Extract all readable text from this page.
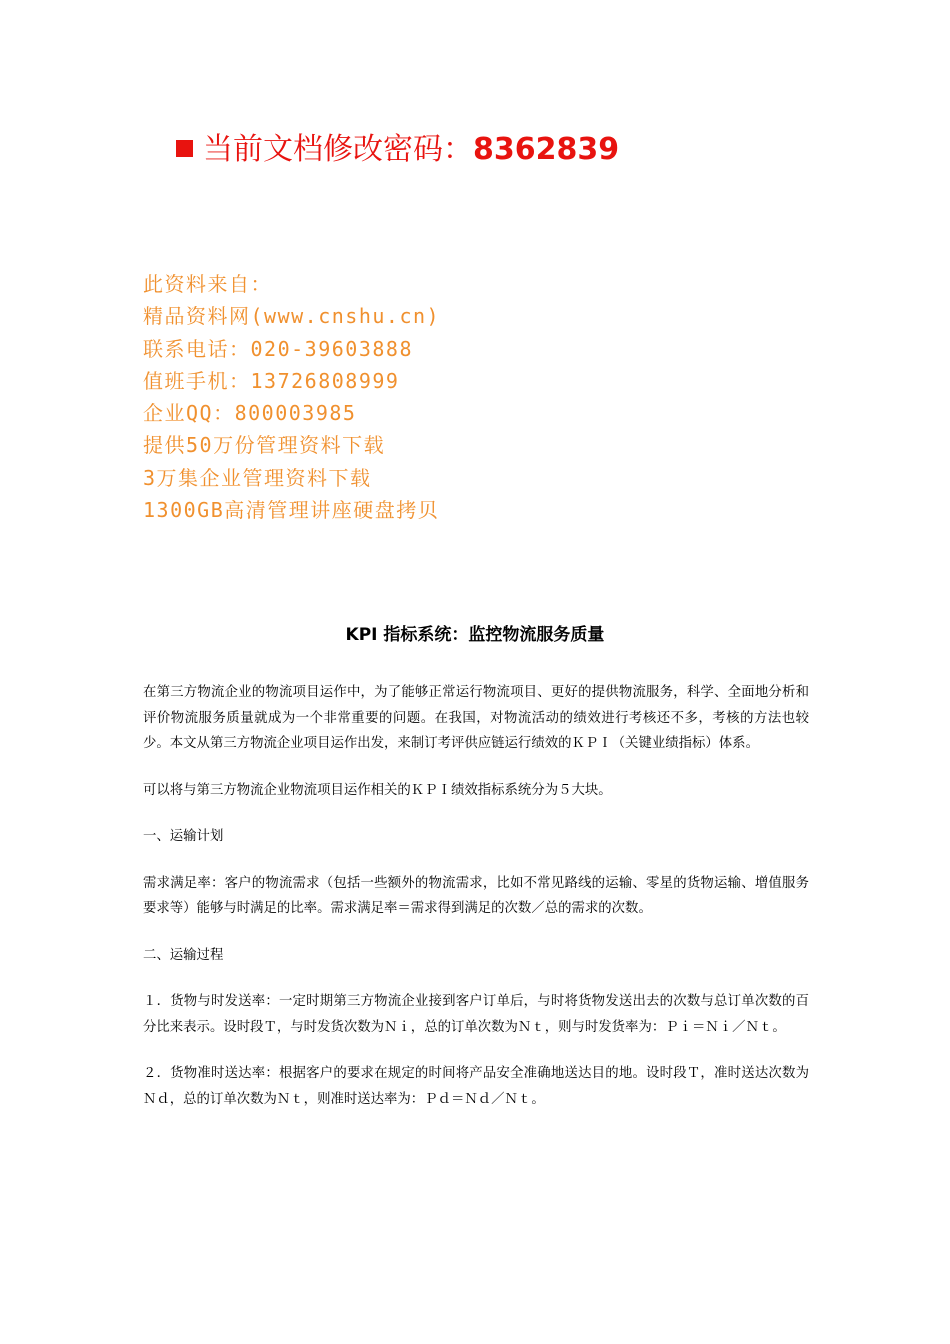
当前文档修改密码：8362839
此资料来自：
精品资料网(www.cnshu.cn)
联系电话：020-39603888
值班手机：13726808999
企业QQ：800003985
提供50万份管理资料下载
3万集企业管理资料下载
1300GB高清管理讲座硬盘拷贝
KPI 指标系统：监控物流服务质量

在第三方物流企业的物流项目运作中，为了能够正常运行物流项目、更好的提供物流服务，科学、全面地分析和评价物流服务质量就成为一个非常重要的问题。在我国，对物流活动的绩效进行考核还不多，考核的方法也较少。本文从第三方物流企业项目运作出发，来制订考评供应链运行绩效的ＫＰＩ（关键业绩指标）体系。

可以将与第三方物流企业物流项目运作相关的ＫＰＩ绩效指标系统分为５大块。

一、运输计划

需求满足率：客户的物流需求（包括一些额外的物流需求，比如不常见路线的运输、零星的货物运输、增值服务要求等）能够与时满足的比率。需求满足率＝需求得到满足的次数／总的需求的次数。

二、运输过程

１．货物与时发送率：一定时期第三方物流企业接到客户订单后，与时将货物发送出去的次数与总订单次数的百分比来表示。设时段Ｔ，与时发货次数为Ｎｉ，总的订单次数为Ｎｔ，则与时发货率为：Ｐｉ＝Ｎｉ／Ｎｔ。

２．货物准时送达率：根据客户的要求在规定的时间将产品安全准确地送达目的地。设时段Ｔ，准时送达次数为Ｎｄ，总的订单次数为Ｎｔ，则准时送达率为：Ｐｄ＝Ｎｄ／Ｎｔ。
